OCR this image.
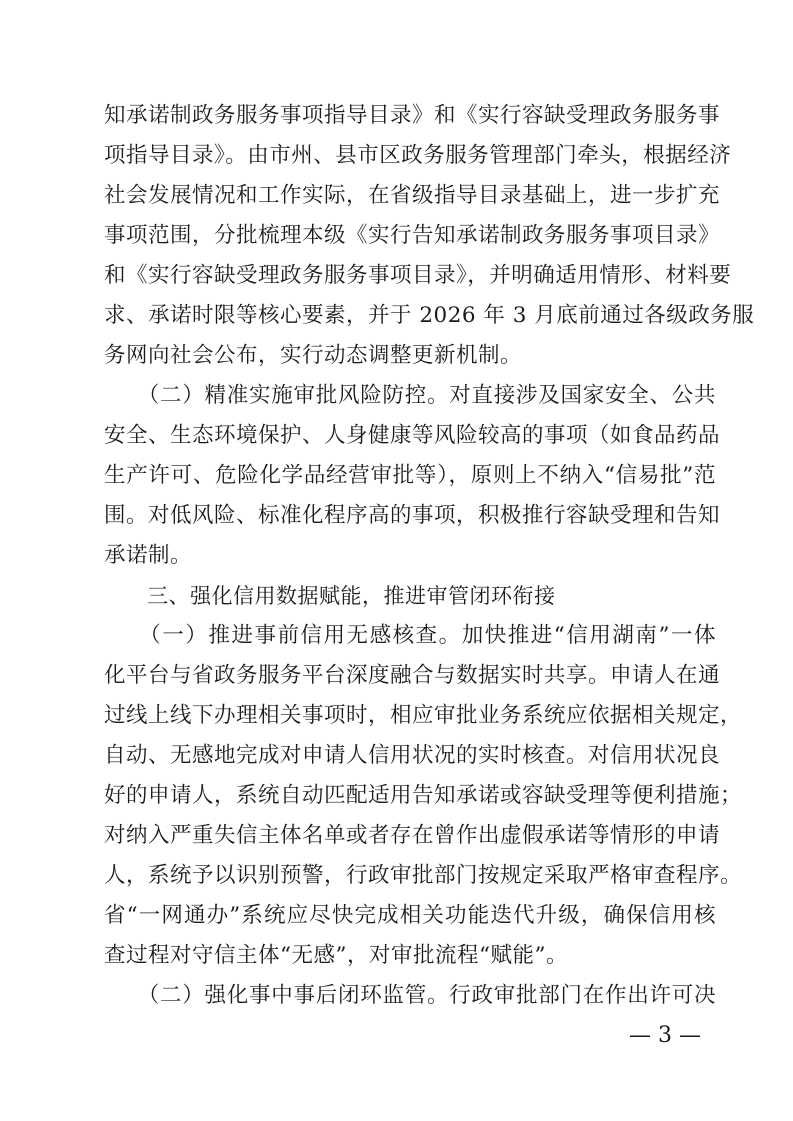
知承诺制政务服务事项指导目录》和《实行容缺受理政务服务事
项指导目录》。由市州、县市区政务服务管理部门牵头，根据经济
社会发展情况和工作实际，在省级指导目录基础上，进一步扩充
事项范围，分批梳理本级《实行告知承诺制政务服务事项目录》
和《实行容缺受理政务服务事项目录》，并明确适用情形、材料要
求、承诺时限等核心要素，并于 2026 年 3 月底前通过各级政务服
务网向社会公布，实行动态调整更新机制。
　　（二）精准实施审批风险防控。对直接涉及国家安全、公共
安全、生态环境保护、人身健康等风险较高的事项（如食品药品
生产许可、危险化学品经营审批等），原则上不纳入“信易批”范
围。对低风险、标准化程序高的事项，积极推行容缺受理和告知
承诺制。
　　三、强化信用数据赋能，推进审管闭环衔接
　　（一）推进事前信用无感核查。加快推进“信用湖南”一体
化平台与省政务服务平台深度融合与数据实时共享。申请人在通
过线上线下办理相关事项时，相应审批业务系统应依据相关规定，
自动、无感地完成对申请人信用状况的实时核查。对信用状况良
好的申请人，系统自动匹配适用告知承诺或容缺受理等便利措施；
对纳入严重失信主体名单或者存在曾作出虚假承诺等情形的申请
人，系统予以识别预警，行政审批部门按规定采取严格审查程序。
省“一网通办”系统应尽快完成相关功能迭代升级，确保信用核
查过程对守信主体“无感”，对审批流程“赋能”。
　　（二）强化事中事后闭环监管。行政审批部门在作出许可决
— 3 —
